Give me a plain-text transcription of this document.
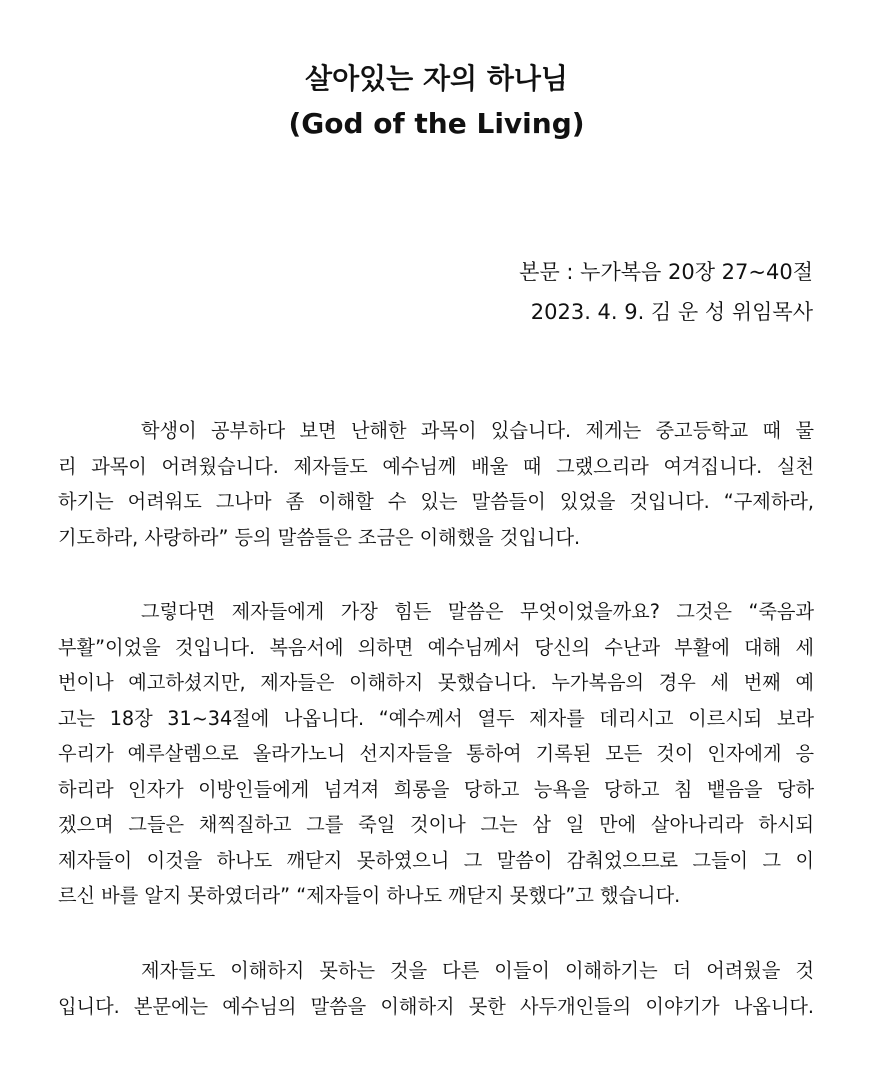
살아있는 자의 하나님
(God of the Living)
본문 : 누가복음 20장 27~40절
2023. 4. 9. 김 운 성 위임목사
학생이 공부하다 보면 난해한 과목이 있습니다. 제게는 중고등학교 때 물
리 과목이 어려웠습니다. 제자들도 예수님께 배울 때 그랬으리라 여겨집니다. 실천
하기는 어려워도 그나마 좀 이해할 수 있는 말씀들이 있었을 것입니다. “구제하라,
기도하라, 사랑하라” 등의 말씀들은 조금은 이해했을 것입니다.
그렇다면 제자들에게 가장 힘든 말씀은 무엇이었을까요? 그것은 “죽음과
부활”이었을 것입니다. 복음서에 의하면 예수님께서 당신의 수난과 부활에 대해 세
번이나 예고하셨지만, 제자들은 이해하지 못했습니다. 누가복음의 경우 세 번째 예
고는 18장 31~34절에 나옵니다. “예수께서 열두 제자를 데리시고 이르시되 보라
우리가 예루살렘으로 올라가노니 선지자들을 통하여 기록된 모든 것이 인자에게 응
하리라 인자가 이방인들에게 넘겨져 희롱을 당하고 능욕을 당하고 침 뱉음을 당하
겠으며 그들은 채찍질하고 그를 죽일 것이나 그는 삼 일 만에 살아나리라 하시되
제자들이 이것을 하나도 깨닫지 못하였으니 그 말씀이 감춰었으므로 그들이 그 이
르신 바를 알지 못하였더라” “제자들이 하나도 깨닫지 못했다”고 했습니다.
제자들도 이해하지 못하는 것을 다른 이들이 이해하기는 더 어려웠을 것
입니다. 본문에는 예수님의 말씀을 이해하지 못한 사두개인들의 이야기가 나옵니다.
